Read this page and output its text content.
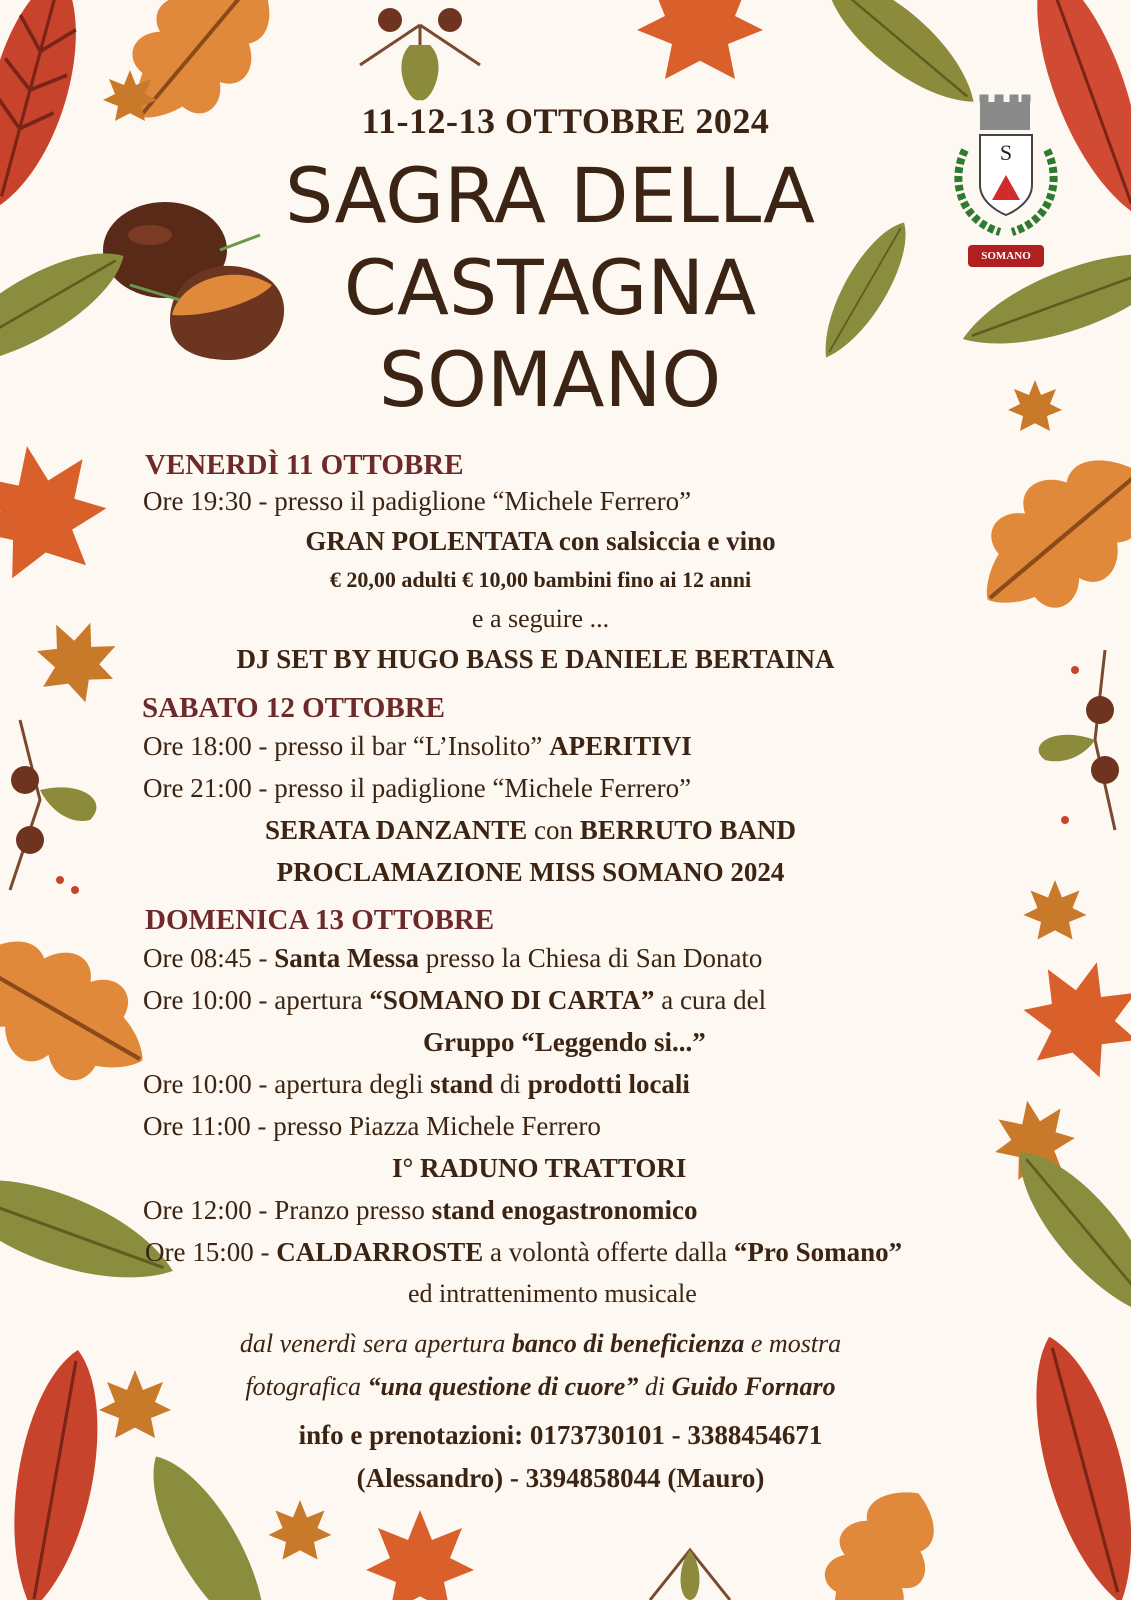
S
SOMANO
11-12-13 OTTOBRE 2024
SAGRA DELLA
CASTAGNA
SOMANO
VENERDÌ 11 OTTOBRE
Ore 19:30 - presso il padiglione “Michele Ferrero”
GRAN POLENTATA con salsiccia e vino
€ 20,00 adulti € 10,00 bambini fino ai 12 anni
e a seguire ...
DJ SET BY HUGO BASS E DANIELE BERTAINA
SABATO 12 OTTOBRE
Ore 18:00 - presso il bar “L’Insolito” APERITIVI
Ore 21:00 - presso il padiglione “Michele Ferrero”
SERATA DANZANTE con BERRUTO BAND
PROCLAMAZIONE MISS SOMANO 2024
DOMENICA 13 OTTOBRE
Ore 08:45 - Santa Messa presso la Chiesa di San Donato
Ore 10:00 - apertura “SOMANO DI CARTA” a cura del
Gruppo “Leggendo si...”
Ore 10:00 - apertura degli stand di prodotti locali
Ore 11:00 - presso Piazza Michele Ferrero
I° RADUNO TRATTORI
Ore 12:00 - Pranzo presso stand enogastronomico
Ore 15:00 - CALDARROSTE a volontà offerte dalla “Pro Somano”
ed intrattenimento musicale
dal venerdì sera apertura banco di beneficienza e mostra
fotografica “una questione di cuore” di Guido Fornaro
info e prenotazioni: 0173730101 - 3388454671
(Alessandro) - 3394858044 (Mauro)
